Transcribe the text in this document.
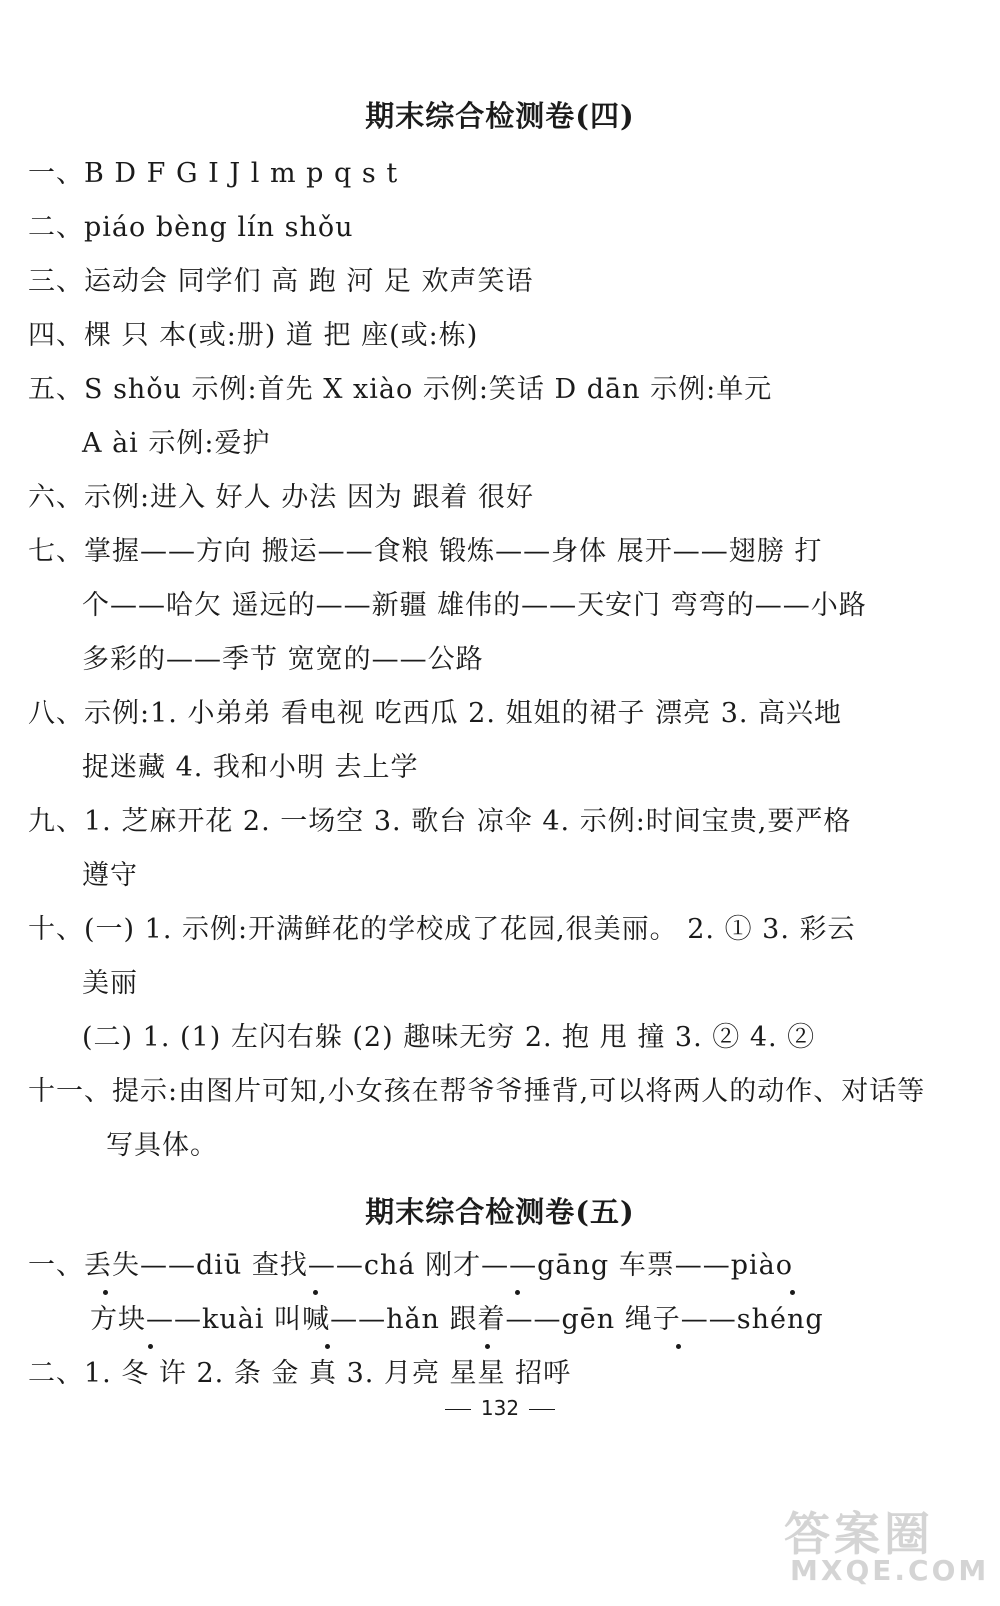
期末综合检测卷(四)
一、B D F G I J l m p q s t
二、piáo bèng lín shǒu
三、运动会 同学们 高 跑 河 足 欢声笑语
四、棵 只 本(或:册) 道 把 座(或:栋)
五、S shǒu 示例:首先 X xiào 示例:笑话 D dān 示例:单元
A ài 示例:爱护
六、示例:进入 好人 办法 因为 跟着 很好
七、掌握——方向 搬运——食粮 锻炼——身体 展开——翅膀 打
个——哈欠 遥远的——新疆 雄伟的——天安门 弯弯的——小路
多彩的——季节 宽宽的——公路
八、示例:1. 小弟弟 看电视 吃西瓜 2. 姐姐的裙子 漂亮 3. 高兴地
捉迷藏 4. 我和小明 去上学
九、1. 芝麻开花 2. 一场空 3. 歌台 凉伞 4. 示例:时间宝贵,要严格
遵守
十、(一) 1. 示例:开满鲜花的学校成了花园,很美丽。 2. ① 3. 彩云
美丽
(二) 1. (1) 左闪右躲 (2) 趣味无穷 2. 抱 甩 撞 3. ② 4. ②
十一、提示:由图片可知,小女孩在帮爷爷捶背,可以将两人的动作、对话等
写具体。
期末综合检测卷(五)
一、丢失——diū 查找——chá 刚才——gāng 车票——piào
方块——kuài 叫喊——hǎn 跟着——gēn 绳子——shéng
二、1. 冬 许 2. 条 金 真 3. 月亮 星星 招呼
132
答案圈
MXQE.COM
